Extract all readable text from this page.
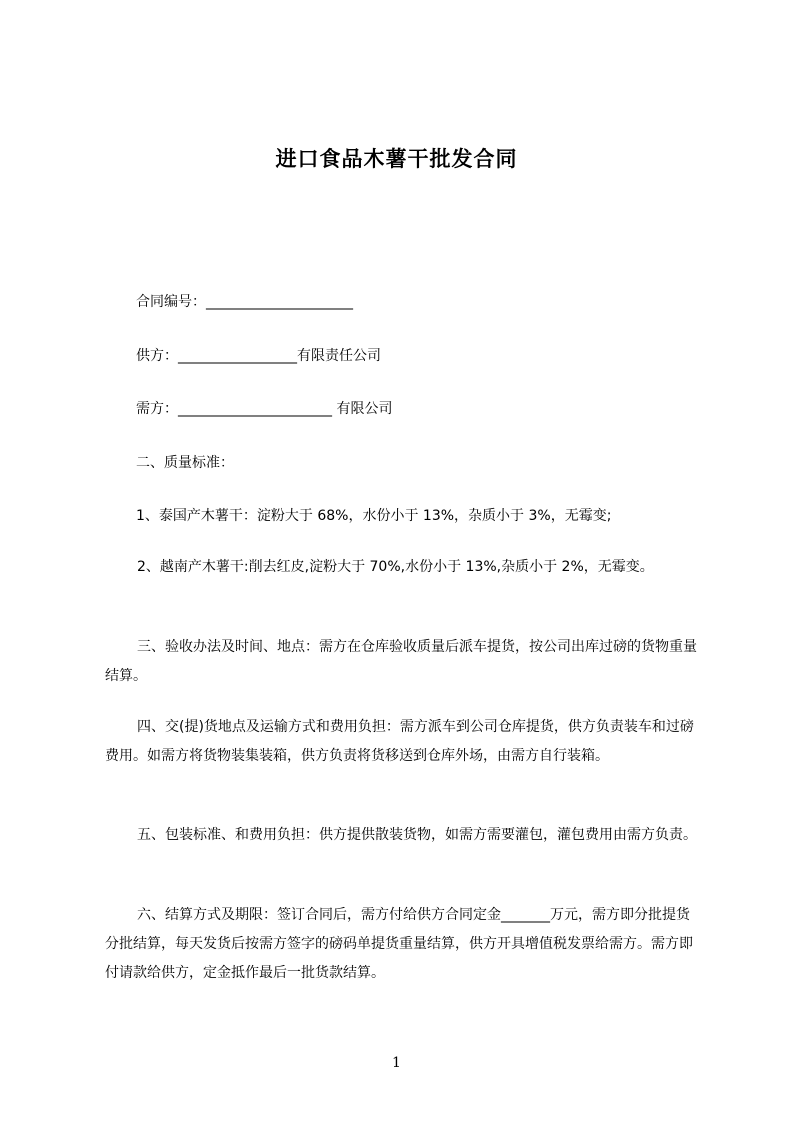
进口食品木薯干批发合同
合同编号：_____________________
供方：_________________有限责任公司
需方：______________________ 有限公司
二、质量标准：
1、泰国产木薯干：淀粉大于 68%，水份小于 13%，杂质小于 3%，无霉变;
2、越南产木薯干:削去红皮,淀粉大于 70%,水份小于 13%,杂质小于 2%，无霉变。
三、验收办法及时间、地点：需方在仓库验收质量后派车提货，按公司出库过磅的货物重量结算。
四、交(提)货地点及运输方式和费用负担：需方派车到公司仓库提货，供方负责装车和过磅费用。如需方将货物装集装箱，供方负责将货移送到仓库外场，由需方自行装箱。
五、包装标准、和费用负担：供方提供散装货物，如需方需要灌包，灌包费用由需方负责。
六、结算方式及期限：签订合同后，需方付给供方合同定金_______万元，需方即分批提货分批结算，每天发货后按需方签字的磅码单提货重量结算，供方开具增值税发票给需方。需方即付请款给供方，定金抵作最后一批货款结算。
1
